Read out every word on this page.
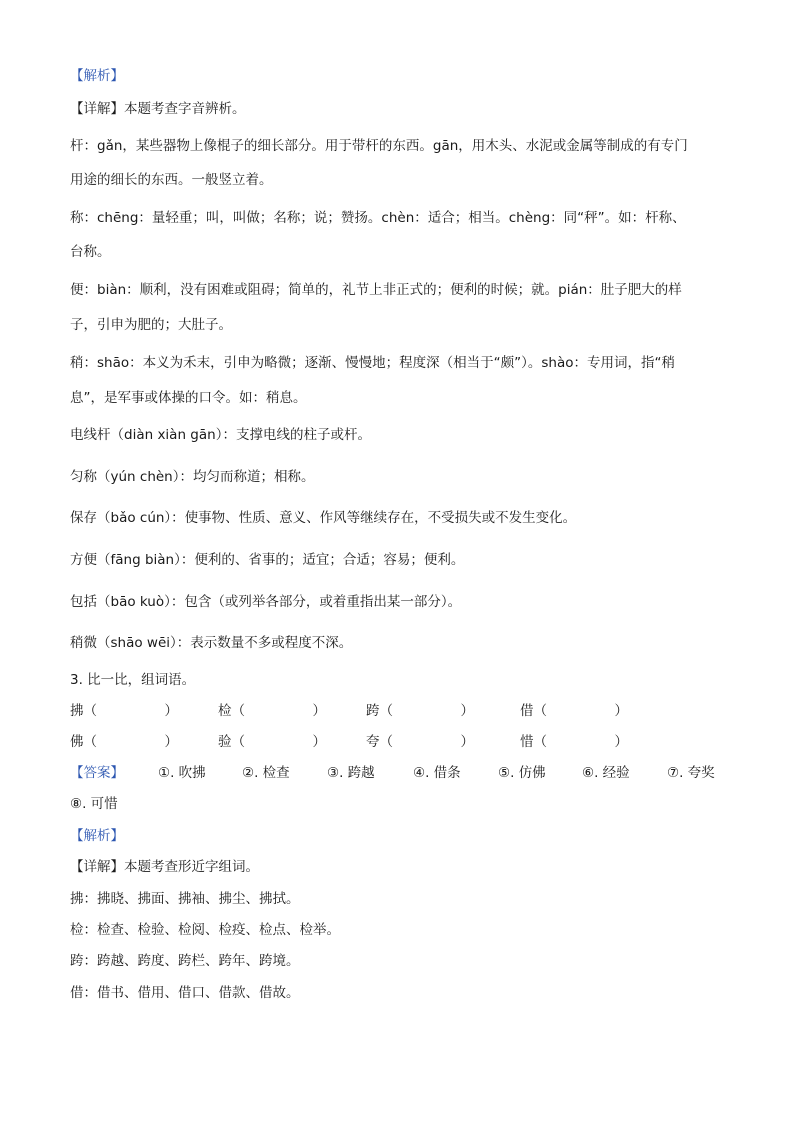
【解析】
【详解】本题考查字音辨析。
杆：gǎn，某些器物上像棍子的细长部分。用于带杆的东西。gān，用木头、水泥或金属等制成的有专门
用途的细长的东西。一般竖立着。
称：chēng：量轻重；叫，叫做；名称；说；赞扬。chèn：适合；相当。chèng：同“秤”。如：杆称、
台称。
便：biàn：顺利，没有困难或阻碍；简单的，礼节上非正式的；便利的时候；就。pián：肚子肥大的样
子，引申为肥的；大肚子。
稍：shāo：本义为禾末，引申为略微；逐渐、慢慢地；程度深（相当于“颇”）。shào：专用词，指“稍
息”，是军事或体操的口令。如：稍息。
电线杆（diàn xiàn gān）：支撑电线的柱子或杆。
匀称（yún chèn）：均匀而称道；相称。
保存（bǎo cún）：使事物、性质、意义、作风等继续存在，不受损失或不发生变化。
方便（fāng biàn）：便利的、省事的；适宜；合适；容易；便利。
包括（bāo kuò）：包含（或列举各部分，或着重指出某一部分）。
稍微（shāo wēi）：表示数量不多或程度不深。
3. 比一比，组词语。
拂（　　　　　）	检（　　　　　）	跨（　　　　　）	借（　　　　　）
佛（　　　　　）	验（　　　　　）	夸（　　　　　）	惜（　　　　　）
【答案】	①. 吹拂	②. 检查	③. 跨越	④. 借条	⑤. 仿佛	⑥. 经验	⑦. 夸奖
⑧. 可惜
【解析】
【详解】本题考查形近字组词。
拂：拂晓、拂面、拂袖、拂尘、拂拭。
检：检查、检验、检阅、检疫、检点、检举。
跨：跨越、跨度、跨栏、跨年、跨境。
借：借书、借用、借口、借款、借故。
